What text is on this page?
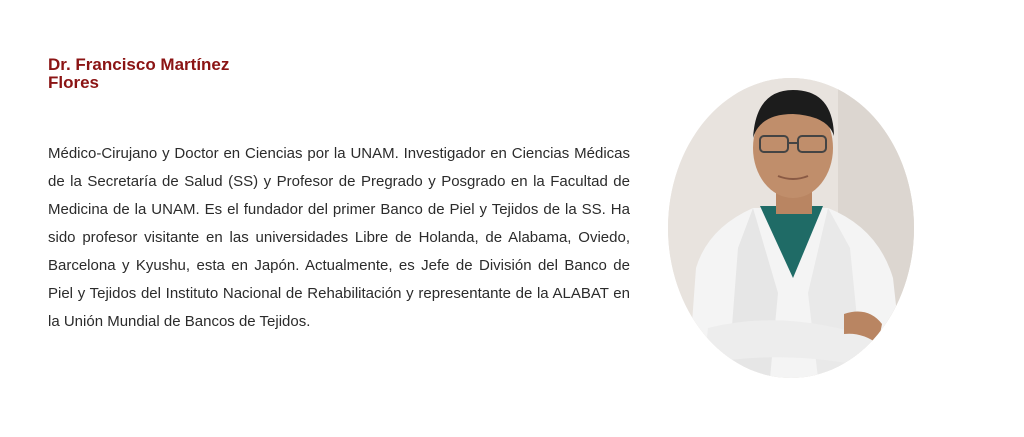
Dr. Francisco Martínez
Flores

Médico-Cirujano y Doctor en Ciencias por la UNAM. Investigador en Ciencias Médicas de la Secretaría de Salud (SS) y Profesor de Pregrado y Posgrado en la Facultad de Medicina de la UNAM. Es el fundador del primer Banco de Piel y Tejidos de la SS. Ha sido profesor visitante en las universidades Libre de Holanda, de Alabama, Oviedo, Barcelona y Kyushu, esta en Japón. Actualmente, es Jefe de División del Banco de Piel y Tejidos del Instituto Nacional de Rehabilitación y representante de la ALABAT en la Unión Mundial de Bancos de Tejidos.
